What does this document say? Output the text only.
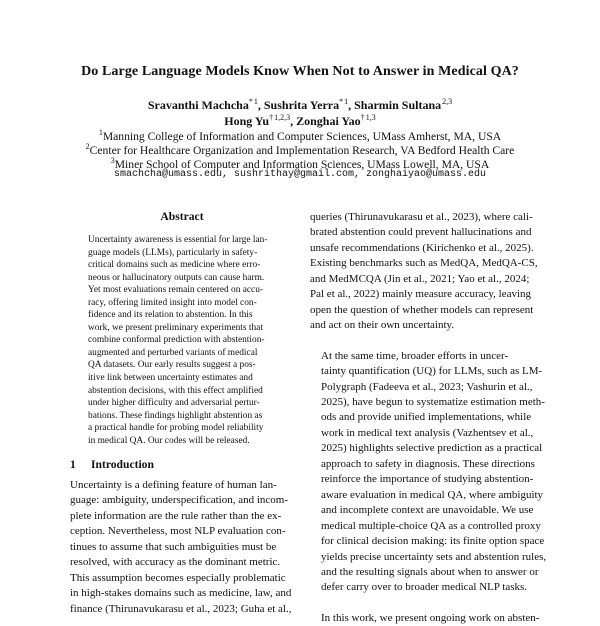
Do Large Language Models Know When Not to Answer in Medical QA?
Sravanthi Machcha* $^1$, Sushrita Yerra* $^1$, Sharmin Sultana $^{2,3}$
Hong Yu† $^{1,2,3}$, Zonghai Yao† $^{1,3}$
$^1$Manning College of Information and Computer Sciences, UMass Amherst, MA, USA
$^2$Center for Healthcare Organization and Implementation Research, VA Bedford Health Care
$^3$Miner School of Computer and Information Sciences, UMass Lowell, MA, USA
smachcha@umass.edu, sushrithay@gmail.com, zonghaiyao@umass.edu
Abstract

Uncertainty awareness is essential for large lan-

guage models (LLMs), particularly in safety-

critical domains such as medicine where erro-

neous or hallucinatory outputs can cause harm.

Yet most evaluations remain centered on accu-

racy, offering limited insight into model con-

fidence and its relation to abstention. In this

work, we present preliminary experiments that

combine conformal prediction with abstention-

augmented and perturbed variants of medical

QA datasets. Our early results suggest a pos-

itive link between uncertainty estimates and

abstention decisions, with this effect amplified

under higher difficulty and adversarial pertur-

bations. These findings highlight abstention as

a practical handle for probing model reliability

in medical QA. Our codes will be released.

1 Introduction

Uncertainty is a defining feature of human lan-

guage: ambiguity, underspecification, and incom-

plete information are the rule rather than the ex-

ception. Nevertheless, most NLP evaluation con-

tinues to assume that such ambiguities must be

resolved, with accuracy as the dominant metric.

This assumption becomes especially problematic

in high-stakes domains such as medicine, law, and

finance (Thirunavukarasu et al., 2023; Guha et al.,

queries (Thirunavukarasu et al., 2023), where cali-

brated abstention could prevent hallucinations and

unsafe recommendations (Kirichenko et al., 2025).

Existing benchmarks such as MedQA, MedQA-CS,

and MedMCQA (Jin et al., 2021; Yao et al., 2024;

Pal et al., 2022) mainly measure accuracy, leaving

open the question of whether models can represent

and act on their own uncertainty.

At the same time, broader efforts in uncer-

tainty quantification (UQ) for LLMs, such as LM-

Polygraph (Fadeeva et al., 2023; Vashurin et al.,

2025), have begun to systematize estimation meth-

ods and provide unified implementations, while

work in medical text analysis (Vazhentsev et al.,

2025) highlights selective prediction as a practical

approach to safety in diagnosis. These directions

reinforce the importance of studying abstention-

aware evaluation in medical QA, where ambiguity

and incomplete context are unavoidable. We use

medical multiple-choice QA as a controlled proxy

for clinical decision making: its finite option space

yields precise uncertainty sets and abstention rules,

and the resulting signals about when to answer or

defer carry over to broader medical NLP tasks.

In this work, we present ongoing work on absten-
